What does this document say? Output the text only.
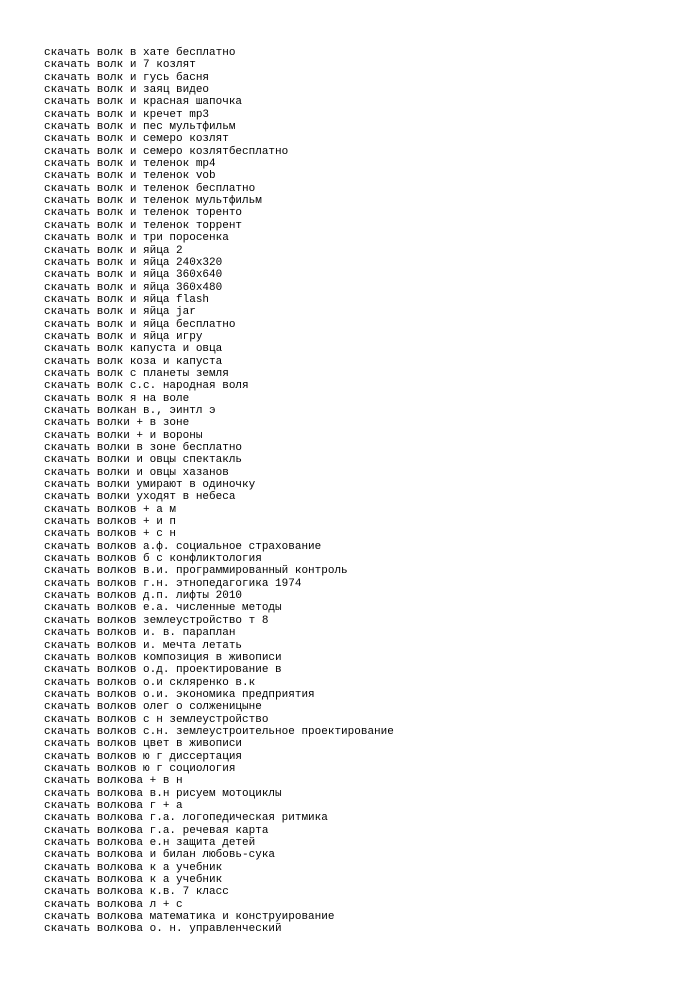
скачать волк в хате бесплатно
скачать волк и 7 козлят
скачать волк и гусь басня
скачать волк и заяц видео
скачать волк и красная шапочка
скачать волк и кречет mp3
скачать волк и пес мультфильм
скачать волк и семеро козлят
скачать волк и семеро козлятбесплатно
скачать волк и теленок mp4
скачать волк и теленок vob
скачать волк и теленок бесплатно
скачать волк и теленок мультфильм
скачать волк и теленок торенто
скачать волк и теленок торрент
скачать волк и три поросенка
скачать волк и яйца 2
скачать волк и яйца 240x320
скачать волк и яйца 360x640
скачать волк и яйца 360x480
скачать волк и яйца flash
скачать волк и яйца jar
скачать волк и яйца бесплатно
скачать волк и яйца игру
скачать волк капуста и овца
скачать волк коза и капуста
скачать волк с планеты земля
скачать волк с.с. народная воля
скачать волк я на воле
скачать волкан в., эинтл э
скачать волки + в зоне
скачать волки + и вороны
скачать волки в зоне бесплатно
скачать волки и овцы спектакль
скачать волки и овцы хазанов
скачать волки умирают в одиночку
скачать волки уходят в небеса
скачать волков + а м
скачать волков + и п
скачать волков + с н
скачать волков а.ф. социальное страхование
скачать волков б с конфликтология
скачать волков в.и. программированный контроль
скачать волков г.н. этнопедагогика 1974
скачать волков д.п. лифты 2010
скачать волков е.а. численные методы
скачать волков землеустройство т 8
скачать волков и. в. параплан
скачать волков и. мечта летать
скачать волков композиция в живописи
скачать волков о.д. проектирование в
скачать волков о.и скляренко в.к
скачать волков о.и. экономика предприятия
скачать волков олег о солженицыне
скачать волков с н землеустройство
скачать волков с.н. землеустроительное проектирование
скачать волков цвет в живописи
скачать волков ю г диссертация
скачать волков ю г социология
скачать волкова + в н
скачать волкова в.н рисуем мотоциклы
скачать волкова г + а
скачать волкова г.а. логопедическая ритмика
скачать волкова г.а. речевая карта
скачать волкова е.н защита детей
скачать волкова и билан любовь-сука
скачать волкова к а учебник
скачать волкова к а учебник
скачать волкова к.в. 7 класс
скачать волкова л + с
скачать волкова математика и конструирование
скачать волкова о. н. управленческий
